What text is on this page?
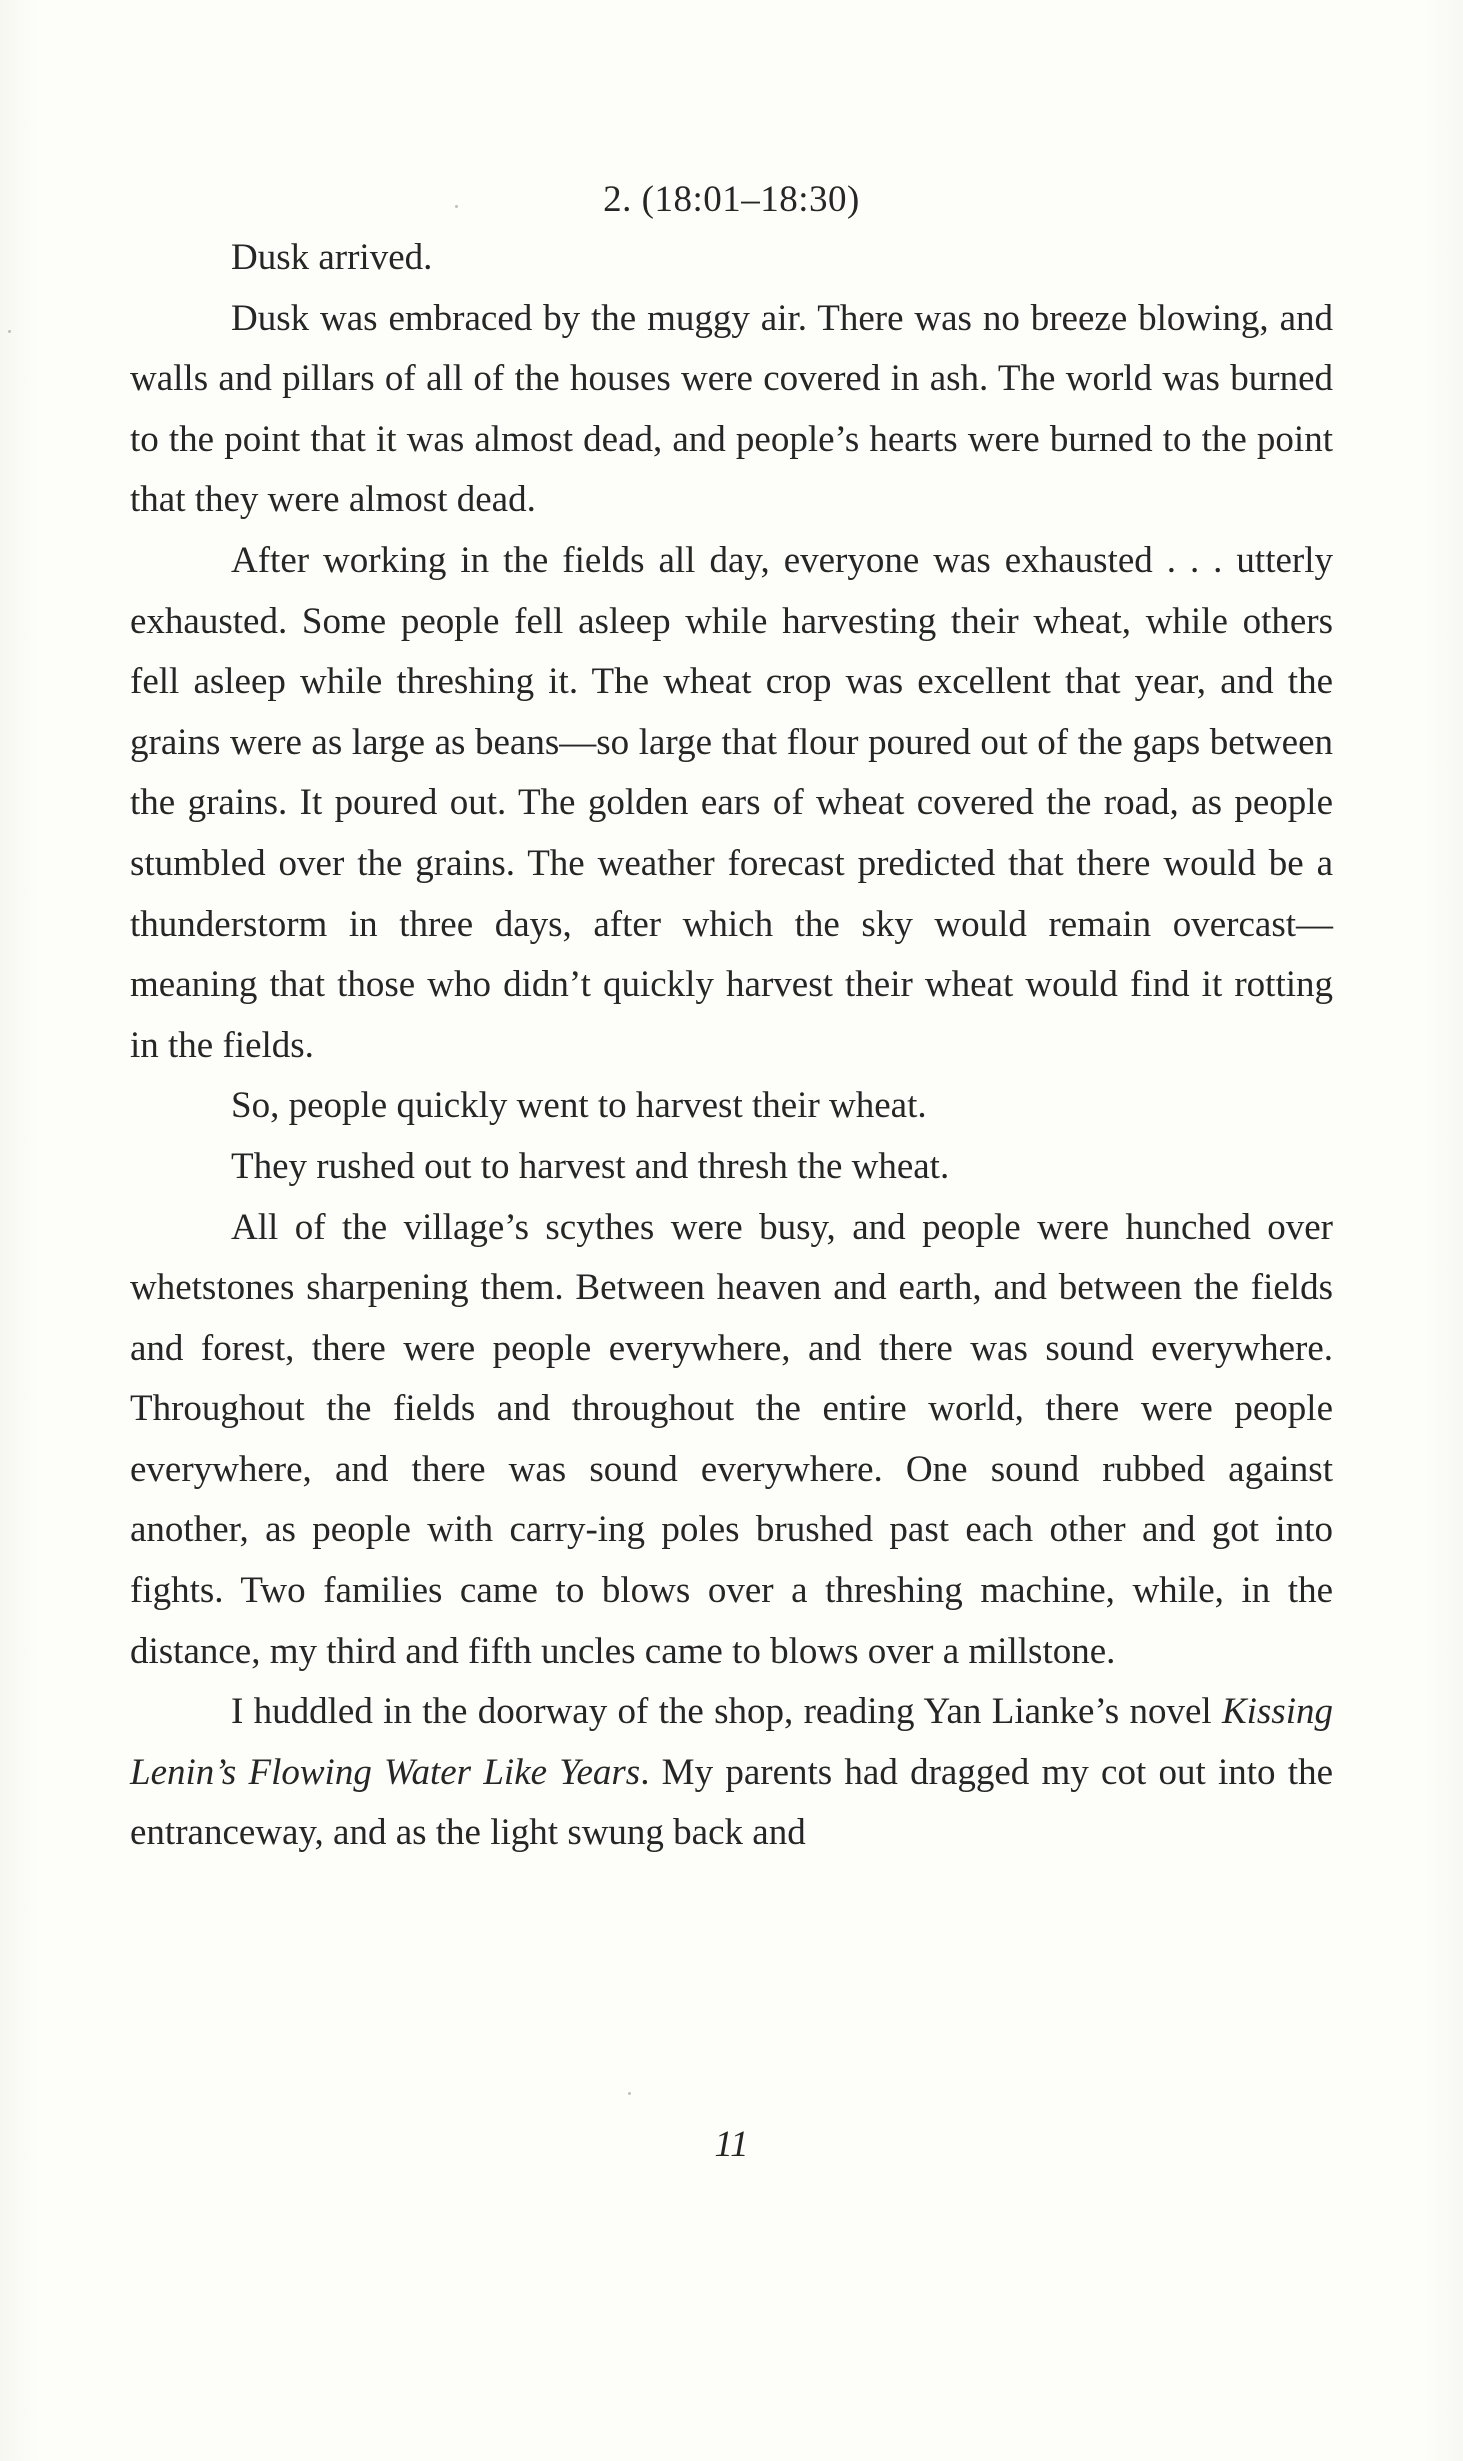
2. (18:01–18:30)

Dusk arrived.

Dusk was embraced by the muggy air. There was no breeze blowing, and walls and pillars of all of the houses were covered in ash. The world was burned to the point that it was almost dead, and people’s hearts were burned to the point that they were almost dead.

After working in the fields all day, everyone was exhausted . . . utterly exhausted. Some people fell asleep while harvesting their wheat, while others fell asleep while threshing it. The wheat crop was excellent that year, and the grains were as large as beans—so large that flour poured out of the gaps between the grains. It poured out. The golden ears of wheat covered the road, as people stumbled over the grains. The weather forecast predicted that there would be a thunderstorm in three days, after which the sky would remain overcast—meaning that those who didn’t quickly harvest their wheat would find it rotting in the fields.

So, people quickly went to harvest their wheat.

They rushed out to harvest and thresh the wheat.

All of the village’s scythes were busy, and people were hunched over whetstones sharpening them. Between heaven and earth, and between the fields and forest, there were people everywhere, and there was sound everywhere. Throughout the fields and throughout the entire world, there were people everywhere, and there was sound everywhere. One sound rubbed against another, as people with carry-ing poles brushed past each other and got into fights. Two families came to blows over a threshing machine, while, in the distance, my third and fifth uncles came to blows over a millstone.

I huddled in the doorway of the shop, reading Yan Lianke’s novel Kissing Lenin’s Flowing Water Like Years. My parents had dragged my cot out into the entranceway, and as the light swung back and

11
